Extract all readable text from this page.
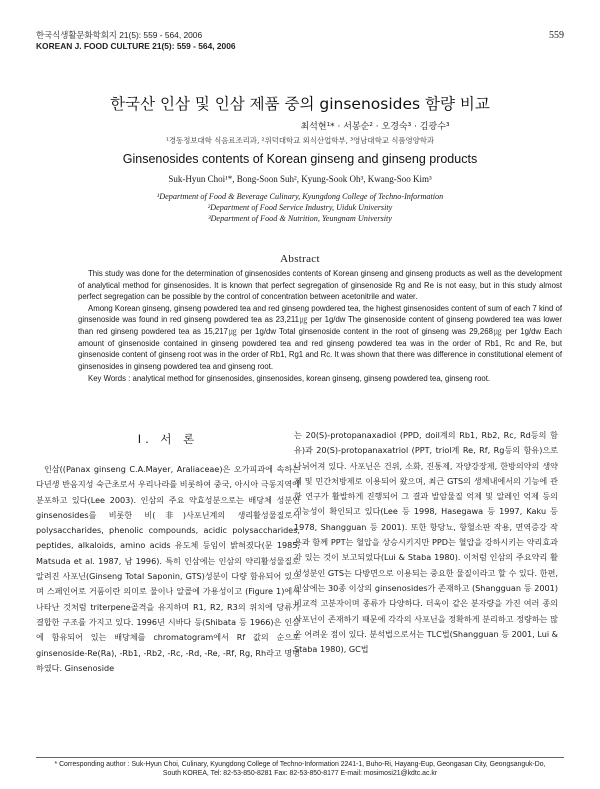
한국식생활문화학회지 21(5): 559 - 564, 2006
KOREAN J. FOOD CULTURE 21(5): 559 - 564, 2006
559
한국산 인삼 및 인삼 제품 중의 ginsenosides 함량 비교
최석현¹* · 서봉순² · 오경숙³ · 김광수³
¹경동정보대학 식음료조리과, ²위덕대학교 외식산업학부, ³영남대학교 식품영양학과
Ginsenosides contents of Korean ginseng and ginseng products
Suk-Hyun Choi¹*, Bong-Soon Suh², Kyung-Sook Oh³, Kwang-Soo Kim³
¹Department of Food & Beverage Culinary, Kyungdong College of Techno-Information
²Department of Food Service Industry, Uiduk University
³Department of Food & Nutrition, Yeungnam University
Abstract

This study was done for the determination of ginsenosides contents of Korean ginseng and ginseng products as well as the development of analytical method for ginsenosides. It is known that perfect segregation of ginsenoside Rg and Re is not easy, but in this study almost perfect segregation can be possible by the control of concentration between acetonitrile and water.

Among Korean ginseng, ginseng powdered tea and red ginseng powdered tea, the highest ginsenosides content of sum of each 7 kind of ginsenoside was found in red ginseng powdered tea as 23,211㎍ per 1g/dw The ginsenoside content of ginseng powdered tea was lower than red ginseng powdered tea as 15,217㎍ per 1g/dw Total ginsenoside content in the root of ginseng was 29,268㎍ per 1g/dw Each amount of ginsenoside contained in ginseng powdered tea and red ginseng powdered tea was in the order of Rb1, Rc and Re, but ginsenoside content of ginseng root was in the order of Rb1, Rg1 and Rc. It was shown that there was difference in constitutional element of ginsenosides in ginseng powdered tea and ginseng root.

Key Words : analytical method for ginsenosides, ginsenosides, korean ginseng, ginseng powdered tea, ginseng root.

I. 서 론

인삼((Panax ginseng C.A.Mayer, Araliaceae)은 오가피과에 속하는 다년생 반음지성 숙근초로서 우리나라를 비롯하여 중국, 아시아 극동지역에 분포하고 있다(Lee 2003). 인삼의 주요 약효성분으로는 배당체 성분인 ginsenosides를 비롯한 비(非)사포닌계의 생리활성물질로서 polysaccharides, phenolic compounds, acidic polysaccharides, peptides, alkaloids, amino acids 유도체 등임이 밝혀졌다(문 1985, Matsuda et al. 1987, 남 1996). 특히 인삼에는 인삼의 약리활성물질로 알려진 사포닌(Ginseng Total Saponin, GTS)성분이 다량 함유되어 있으며 스페인어로 거품이란 의미로 물이나 알콜에 가용성이고 (Figure 1)에서 나타난 것처럼 triterpene골격을 유지하며 R1, R2, R3의 위치에 당류가 결합한 구조를 가지고 있다. 1996년 시바다 등(Shibata 등 1966)은 인삼에 함유되어 있는 배당체를 chromatogram에서 Rf 값의 순으로 ginsenoside-Re(Ra), -Rb1, -Rb2, -Rc, -Rd, -Re, -Rf, Rg, Rh라고 명명하였다. Ginsenoside

는 20(S)-protopanaxadiol (PPD, doil계의 Rb1, Rb2, Rc, Rd등의 함유)과 20(S)-protopanaxatriol (PPT, triol계 Re, Rf, Rg등의 함유)으로 나뉘어져 있다. 사포닌은 건위, 소화, 진통제, 자양강장제, 한방의약의 생약제 및 민간처방제로 이용되어 왔으며, 최근 GTS의 생체내에서의 기능에 관한 연구가 활발하게 진행되어 그 결과 발암물질 억제 및 알레인 억제 등의 기능성이 확인되고 있다(Lee 등 1998, Hasegawa 등 1997, Kaku 등 1978, Shangguan 등 2001). 또한 항당뇨, 항혈소판 작용, 면역증강 작용과 함께 PPT는 혈압을 상승시키지만 PPD는 혈압을 강하시키는 약리효과가 있는 것이 보고되었다(Lui & Staba 1980). 이처럼 인삼의 주요약리 활성성분인 GTS는 다방면으로 이용되는 중요한 물질이라고 할 수 있다. 한편, 인삼에는 30종 이상의 ginsenosides가 존재하고 (Shangguan 등 2001) 비교적 고분자이며 종류가 다양하다. 더욱이 같은 분자량을 가진 여러 종의 사포닌이 존재하기 때문에 각각의 사포닌을 정확하게 분리하고 정량하는 많은 어려운 점이 있다. 분석법으로서는 TLC법(Shangguan 등 2001, Lui & Staba 1980), GC법

* Corresponding author : Suk-Hyun Choi, Culinary, Kyungdong College of Techno-Information 2241-1, Buho-Ri, Hayang-Eup, Geongasan City, Geongsanguk-Do,
South KOREA, Tel: 82-53-850-8281 Fax: 82-53-850-8177 E-mail: mosimosi21@kdtc.ac.kr
